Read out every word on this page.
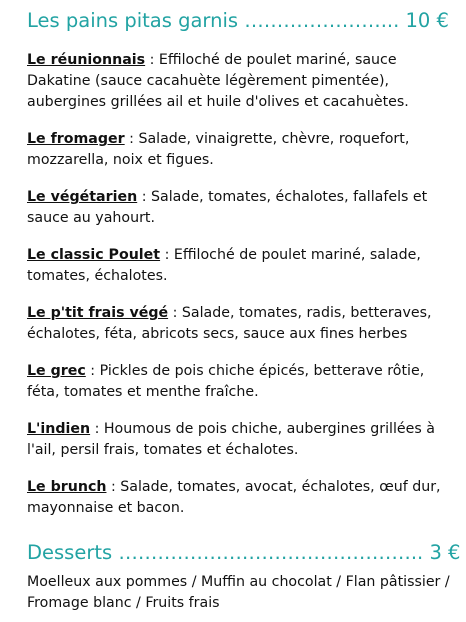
Les pains pitas garnis …………………... 10 €

Le réunionnais : Effiloché de poulet mariné, sauce Dakatine (sauce cacahuète légèrement pimentée), aubergines grillées ail et huile d'olives et cacahuètes.

Le fromager : Salade, vinaigrette, chèvre, roquefort, mozzarella, noix et figues.

Le végétarien : Salade, tomates, échalotes, fallafels et sauce au yahourt.

Le classic Poulet : Effiloché de poulet mariné, salade, tomates, échalotes.

Le p'tit frais végé : Salade, tomates, radis, betteraves, échalotes, féta, abricots secs, sauce aux fines herbes

Le grec : Pickles de pois chiche épicés, betterave rôtie, féta, tomates et menthe fraîche.

L'indien : Houmous de pois chiche, aubergines grillées à l'ail, persil frais, tomates et échalotes.

Le brunch : Salade, tomates, avocat, échalotes, œuf dur, mayonnaise et bacon.

Desserts ……………………………………….. 3 €
Moelleux aux pommes / Muffin au chocolat / Flan pâtissier / Fromage blanc / Fruits frais
